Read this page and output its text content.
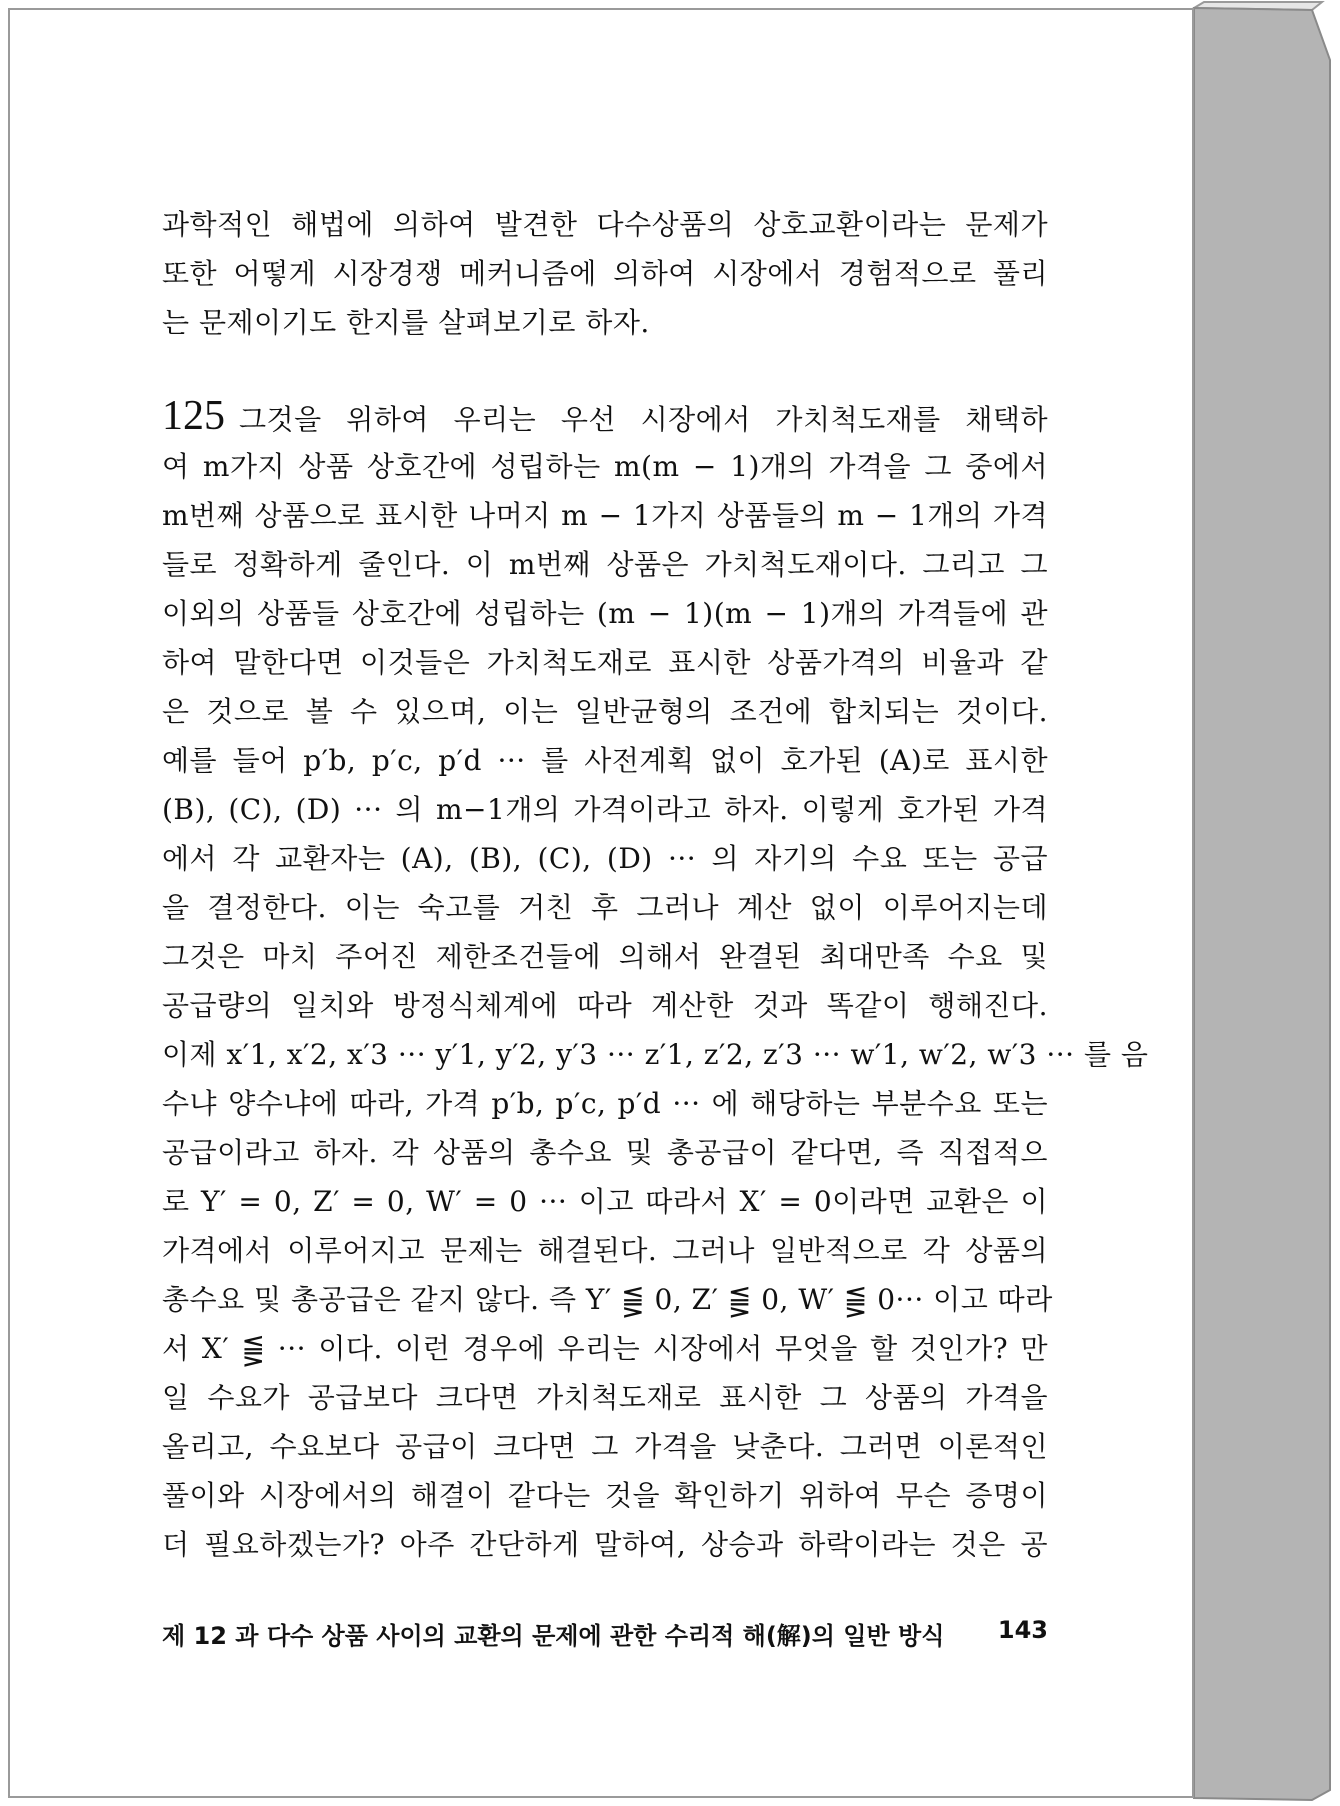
과학적인 해법에 의하여 발견한 다수상품의 상호교환이라는 문제가
또한 어떻게 시장경쟁 메커니즘에 의하여 시장에서 경험적으로 풀리
는 문제이기도 한지를 살펴보기로 하자.
125 그것을 위하여 우리는 우선 시장에서 가치척도재를 채택하
여 m가지 상품 상호간에 성립하는 m(m − 1)개의 가격을 그 중에서
m번째 상품으로 표시한 나머지 m − 1가지 상품들의 m − 1개의 가격
들로 정확하게 줄인다. 이 m번째 상품은 가치척도재이다. 그리고 그
이외의 상품들 상호간에 성립하는 (m − 1)(m − 1)개의 가격들에 관
하여 말한다면 이것들은 가치척도재로 표시한 상품가격의 비율과 같
은 것으로 볼 수 있으며, 이는 일반균형의 조건에 합치되는 것이다.
예를 들어 p′b, p′c, p′d ··· 를 사전계획 없이 호가된 (A)로 표시한
(B), (C), (D) ··· 의 m−1개의 가격이라고 하자. 이렇게 호가된 가격
에서 각 교환자는 (A), (B), (C), (D) ··· 의 자기의 수요 또는 공급
을 결정한다. 이는 숙고를 거친 후 그러나 계산 없이 이루어지는데
그것은 마치 주어진 제한조건들에 의해서 완결된 최대만족 수요 및
공급량의 일치와 방정식체계에 따라 계산한 것과 똑같이 행해진다.
이제 x′1, x′2, x′3 ··· y′1, y′2, y′3 ··· z′1, z′2, z′3 ··· w′1, w′2, w′3 ··· 를 음
수냐 양수냐에 따라, 가격 p′b, p′c, p′d ··· 에 해당하는 부분수요 또는
공급이라고 하자. 각 상품의 총수요 및 총공급이 같다면, 즉 직접적으
로 Y′ = 0, Z′ = 0, W′ = 0 ··· 이고 따라서 X′ = 0이라면 교환은 이
가격에서 이루어지고 문제는 해결된다. 그러나 일반적으로 각 상품의
총수요 및 총공급은 같지 않다. 즉 Y′ ⪋ 0, Z′ ⪋ 0, W′ ⪋ 0··· 이고 따라
서 X′ ⪋ ··· 이다. 이런 경우에 우리는 시장에서 무엇을 할 것인가? 만
일 수요가 공급보다 크다면 가치척도재로 표시한 그 상품의 가격을
올리고, 수요보다 공급이 크다면 그 가격을 낮춘다. 그러면 이론적인
풀이와 시장에서의 해결이 같다는 것을 확인하기 위하여 무슨 증명이
더 필요하겠는가? 아주 간단하게 말하여, 상승과 하락이라는 것은 공
제 12 과 다수 상품 사이의 교환의 문제에 관한 수리적 해(解)의 일반 방식 143
